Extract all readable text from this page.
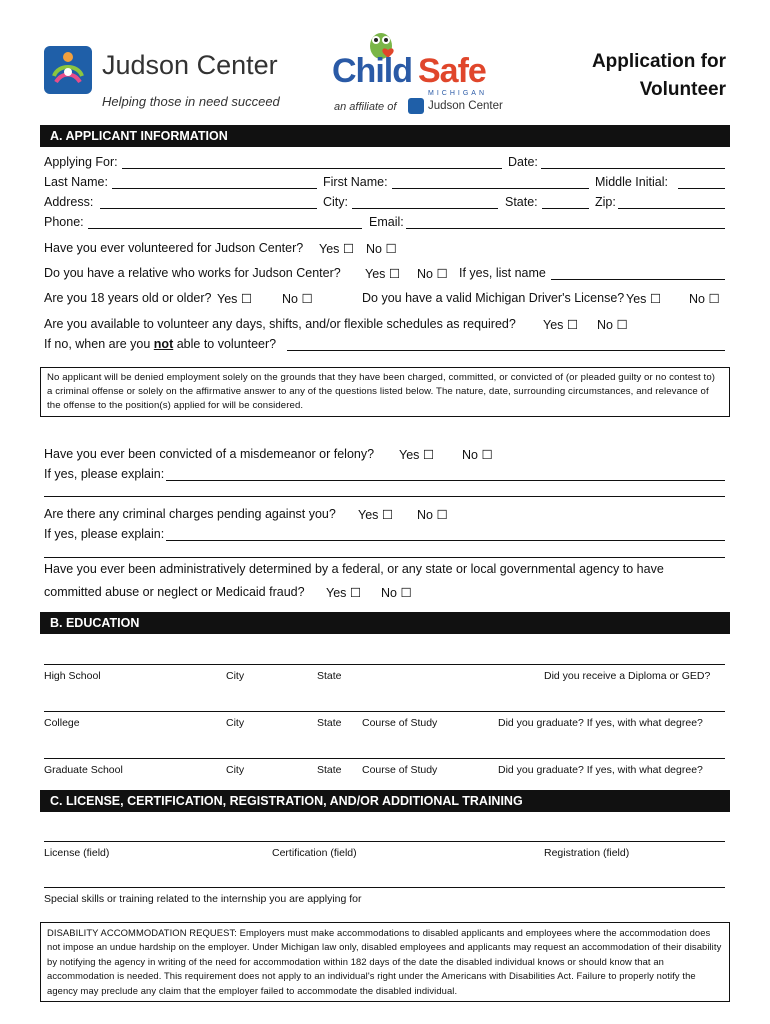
Judson Center
Helping those in need succeed
Child Safe
MICHIGAN
an affiliate of	Judson Center
Application for
Volunteer
A. APPLICANT INFORMATION
Applying For:	Date:
Last Name:	First Name:	Middle Initial:
Address:	City:	State:	Zip:
Phone:	Email:
Have you ever volunteered for Judson Center? Yes ☐ No ☐
Do you have a relative who works for Judson Center? Yes ☐ No ☐ If yes, list name
Are you 18 years old or older? Yes ☐ No ☐	Do you have a valid Michigan Driver's License? Yes ☐ No ☐
Are you available to volunteer any days, shifts, and/or flexible schedules as required? Yes ☐ No ☐
If no, when are you not able to volunteer?
No applicant will be denied employment solely on the grounds that they have been charged, committed, or convicted of (or pleaded guilty or no contest to) a criminal offense or solely on the affirmative answer to any of the questions listed below. The nature, date, surrounding circumstances, and relevance of the offense to the position(s) applied for will be considered.
Have you ever been convicted of a misdemeanor or felony? Yes ☐ No ☐
If yes, please explain:
Are there any criminal charges pending against you? Yes ☐ No ☐
If yes, please explain:
Have you ever been administratively determined by a federal, or any state or local governmental agency to have
committed abuse or neglect or Medicaid fraud? Yes ☐ No ☐
B. EDUCATION
High School	City	State	Did you receive a Diploma or GED?
College	City	State Course of Study	Did you graduate? If yes, with what degree?
Graduate School	City	State Course of Study	Did you graduate? If yes, with what degree?
C. LICENSE, CERTIFICATION, REGISTRATION, AND/OR ADDITIONAL TRAINING
License (field)	Certification (field)	Registration (field)
Special skills or training related to the internship you are applying for
DISABILITY ACCOMMODATION REQUEST: Employers must make accommodations to disabled applicants and employees where the accommodation does not impose an undue hardship on the employer. Under Michigan law only, disabled employees and applicants may request an accommodation of their disability by notifying the agency in writing of the need for accommodation within 182 days of the date the disabled individual knows or should know that an accommodation is needed. This requirement does not apply to an individual's right under the Americans with Disabilities Act. Failure to properly notify the agency may preclude any claim that the employer failed to accommodate the disabled individual.
